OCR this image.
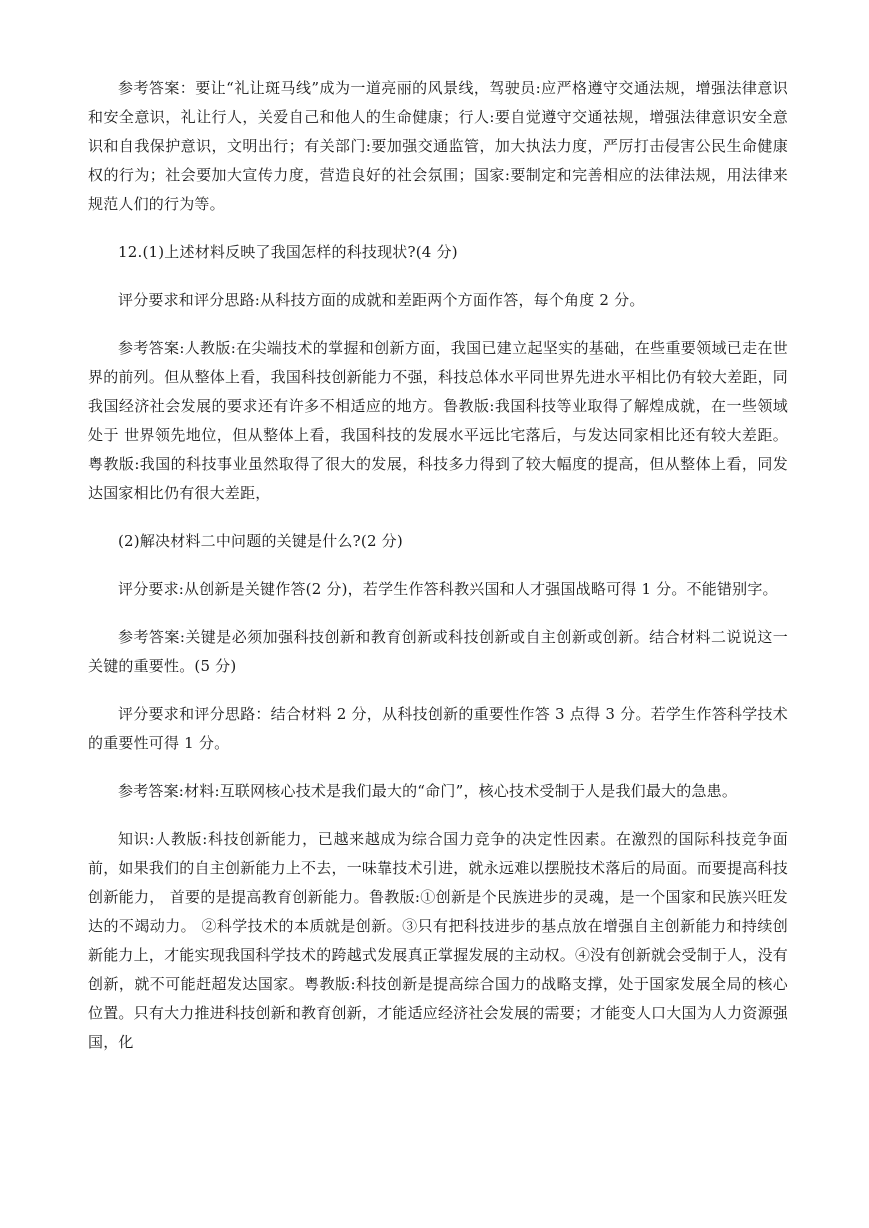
参考答案：要让“礼让斑马线”成为一道亮丽的风景线，驾驶员:应严格遵守交通法规，增强法律意识和安全意识，礼让行人，关爱自己和他人的生命健康；行人:要自觉遵守交通祛规，增强法律意识安全意识和自我保护意识，文明出行；有关部门:要加强交通监管，加大执法力度，严厉打击侵害公民生命健康权的行为；社会要加大宣传力度，营造良好的社会氛围；国家:要制定和完善相应的法律法规，用法律来规范人们的行为等。

12.(1)上述材料反映了我国怎样的科技现状?(4 分)

评分要求和评分思路:从科技方面的成就和差距两个方面作答，每个角度 2 分。

参考答案:人教版:在尖端技术的掌握和创新方面，我国已建立起坚实的基础，在些重要领域已走在世界的前列。但从整体上看，我国科技创新能力不强，科技总体水平同世界先进水平相比仍有较大差距，同我国经济社会发展的要求还有许多不相适应的地方。鲁教版:我国科技等业取得了解煌成就，在一些领域处于 世界领先地位，但从整体上看，我国科技的发展水平远比宅落后，与发达同家相比还有较大差距。粤教版:我国的科技事业虽然取得了很大的发展，科技多力得到了较大幅度的提高，但从整体上看，同发达国家相比仍有很大差距，

(2)解决材料二中问题的关键是什么?(2 分)

评分要求:从创新是关键作答(2 分)，若学生作答科教兴国和人才强国战略可得 1 分。不能错别字。

参考答案:关键是必须加强科技创新和教育创新或科技创新或自主创新或创新。结合材料二说说这一关键的重要性。(5 分)

评分要求和评分思路：结合材料 2 分，从科技创新的重要性作答 3 点得 3 分。若学生作答科学技术的重要性可得 1 分。

参考答案:材料:互联网核心技术是我们最大的“命门”，核心技术受制于人是我们最大的急患。

知识:人教版:科技创新能力，已越来越成为综合国力竞争的决定性因素。在激烈的国际科技竞争面前，如果我们的自主创新能力上不去，一味靠技术引进，就永远难以摆脱技术落后的局面。而要提高科技创新能力， 首要的是提高教育创新能力。鲁教版:①创新是个民族进步的灵魂，是一个国家和民族兴旺发达的不竭动力。 ②科学技术的本质就是创新。③只有把科技进步的基点放在增强自主创新能力和持续创新能力上，才能实现我国科学技术的跨越式发展真正掌握发展的主动权。④没有创新就会受制于人，没有创新，就不可能赶超发达国家。粤教版:科技创新是提高综合国力的战略支撑，处于国家发展全局的核心位置。只有大力推进科技创新和教育创新，才能适应经济社会发展的需要；才能变人口大国为人力资源强国，化
